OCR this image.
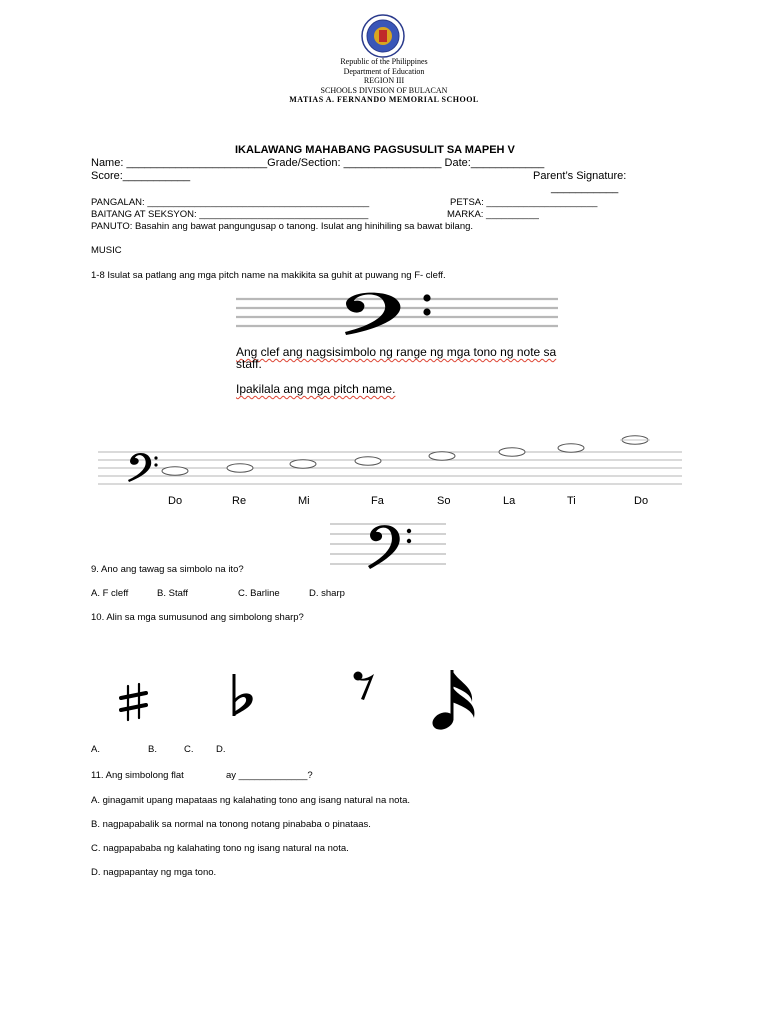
Republic of the Philippines
Department of Education
REGION III
SCHOOLS DIVISION OF BULACAN
MATIAS A. FERNANDO MEMORIAL SCHOOL
IKALAWANG MAHABANG PAGSUSULIT SA MAPEH V
Name: _______________________Grade/Section: ________________ Date:____________
Score:___________	Parent’s Signature:
___________
PANGALAN: __________________________________________	PETSA: _____________________
BAITANG AT SEKSYON: ________________________________	MARKA: __________
PANUTO: Basahin ang bawat pangungusap o tanong. Isulat ang hinihiling sa bawat bilang.
MUSIC
1-8 Isulat sa patlang ang mga pitch name na makikita sa guhit at puwang ng F- cleff.
Ang clef ang nagsisimbolo ng range ng mga tono ng note sa
staff.
Ipakilala ang mga pitch name.
Do	Re	Mi	Fa	So	La	Ti	Do
9. Ano ang tawag sa simbolo na ito?
A. F cleff	B. Staff	C. Barline	D. sharp
10. Alin sa mga sumusunod ang simbolong sharp?
A.	B.	C. D.
11. Ang simbolong flat	ay _____________?
A. ginagamit upang mapataas ng kalahating tono ang isang natural na nota.
B. nagpapabalik sa normal na tonong notang pinababa o pinataas.
C. nagpapababa ng kalahating tono ng isang natural na nota.
D. nagpapantay ng mga tono.
